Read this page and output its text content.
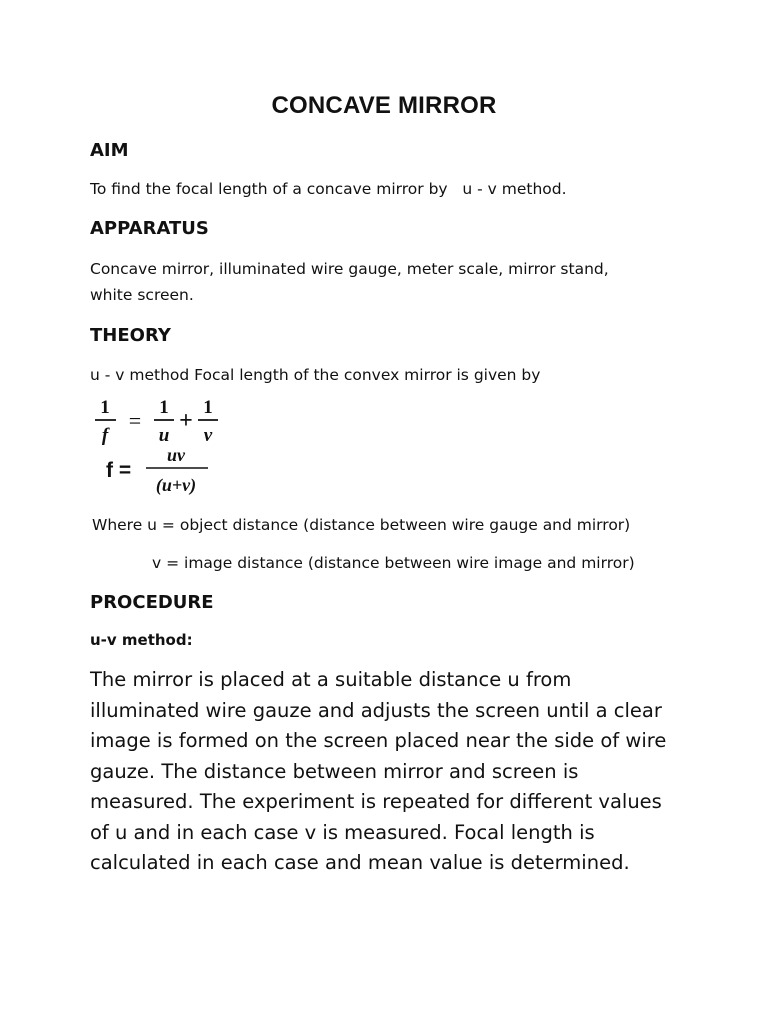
CONCAVE MIRROR
AIM
To find the focal length of a concave mirror by   u - v method.
APPARATUS
Concave mirror, illuminated wire gauge, meter scale, mirror stand, white screen.
THEORY
u - v method Focal length of the convex mirror is given by
1
f
=
1
u
+
1
v
f =
uv
(u+v)
Where u = object distance (distance between wire gauge and mirror)
v = image distance (distance between wire image and mirror)
PROCEDURE
u-v method:
The mirror is placed at a suitable distance u from illuminated wire gauze and adjusts the screen until a clear image is formed on the screen placed near the side of wire gauze. The distance between mirror and screen is measured. The experiment is repeated for different values of u and in each case v is measured. Focal length is calculated in each case and mean value is determined.
